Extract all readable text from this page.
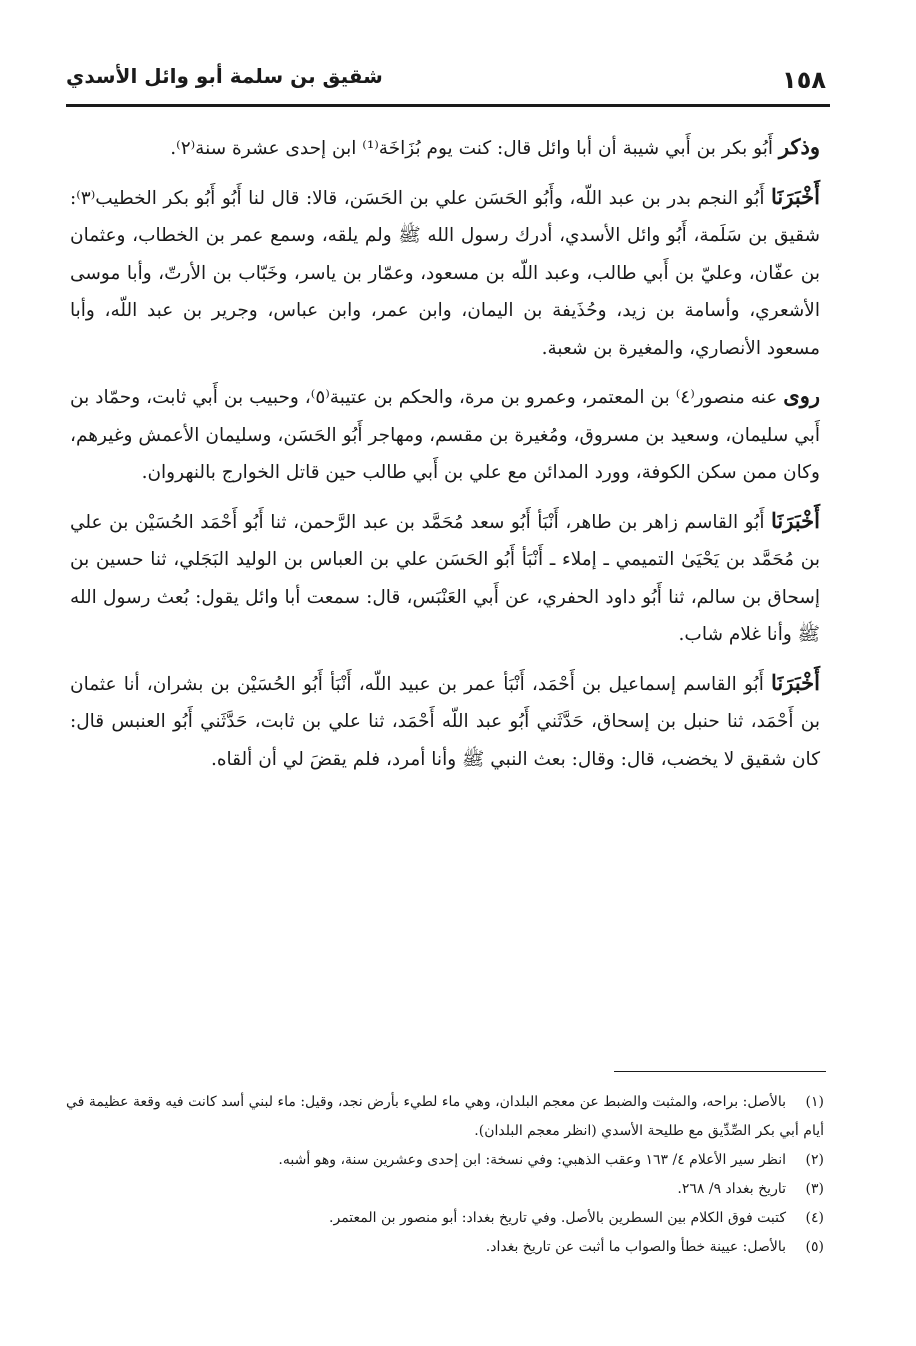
١٥٨
شقيق بن سلمة أبو وائل الأسدي

وذكر أَبُو بكر بن أَبي شيبة أن أبا وائل قال: كنت يوم بُزَاخَة⁽¹⁾ ابن إحدى عشرة سنة⁽٢⁾.

أَخْبَرَنَا أَبُو النجم بدر بن عبد اللّه، وأَبُو الحَسَن علي بن الحَسَن، قالا: قال لنا أَبُو أَبُو بكر الخطيب⁽٣⁾: شقيق بن سَلَمة، أَبُو وائل الأسدي، أدرك رسول الله ﷺ ولم يلقه، وسمع عمر بن الخطاب، وعثمان بن عفّان، وعليّ بن أَبي طالب، وعبد اللّه بن مسعود، وعمّار بن ياسر، وخَبّاب بن الأرتّ، وأبا موسى الأشعري، وأسامة بن زيد، وحُذَيفة بن اليمان، وابن عمر، وابن عباس، وجرير بن عبد اللّه، وأبا مسعود الأنصاري، والمغيرة بن شعبة.

روى عنه منصور⁽٤⁾ بن المعتمر، وعمرو بن مرة، والحكم بن عتيبة⁽٥⁾، وحبيب بن أَبي ثابت، وحمّاد بن أَبي سليمان، وسعيد بن مسروق، ومُغيرة بن مقسم، ومهاجر أَبُو الحَسَن، وسليمان الأعمش وغيرهم، وكان ممن سكن الكوفة، وورد المدائن مع علي بن أَبي طالب حين قاتل الخوارج بالنهروان.

أَخْبَرَنَا أَبُو القاسم زاهر بن طاهر، أَنْبَأ أَبُو سعد مُحَمَّد بن عبد الرَّحمن، ثنا أَبُو أَحْمَد الحُسَيْن بن علي بن مُحَمَّد بن يَحْيَىٰ التميمي ـ إملاء ـ أَنْبَأ أَبُو الحَسَن علي بن العباس بن الوليد البَجَلي، ثنا حسين بن إسحاق بن سالم، ثنا أَبُو داود الحفري، عن أَبي العَنْبَس، قال: سمعت أبا وائل يقول: بُعث رسول الله ﷺ وأنا غلام شاب.

أَخْبَرَنَا أَبُو القاسم إسماعيل بن أَحْمَد، أَنْبَأ عمر بن عبيد اللّه، أَنْبَأ أَبُو الحُسَيْن بن بشران، أنا عثمان بن أَحْمَد، ثنا حنبل بن إسحاق، حَدَّثَني أَبُو عبد اللّه أَحْمَد، ثنا علي بن ثابت، حَدَّثَني أَبُو العنبس قال: كان شقيق لا يخضب، قال: وقال: بعث النبي ﷺ وأنا أمرد، فلم يقضَ لي أن ألقاه.

(١)بالأصل: براحه، والمثبت والضبط عن معجم البلدان، وهي ماء لطيء بأرض نجد، وقيل: ماء لبني أسد كانت فيه وقعة عظيمة في أيام أبي بكر الصِّدِّيق مع طليحة الأسدي (انظر معجم البلدان).

(٢)انظر سير الأعلام ٤/ ١٦٣ وعقب الذهبي: وفي نسخة: ابن إحدى وعشرين سنة، وهو أشبه.

(٣)تاريخ بغداد ٩/ ٢٦٨.

(٤)كتبت فوق الكلام بين السطرين بالأصل. وفي تاريخ بغداد: أبو منصور بن المعتمر.

(٥)بالأصل: عيينة خطأ والصواب ما أثبت عن تاريخ بغداد.
